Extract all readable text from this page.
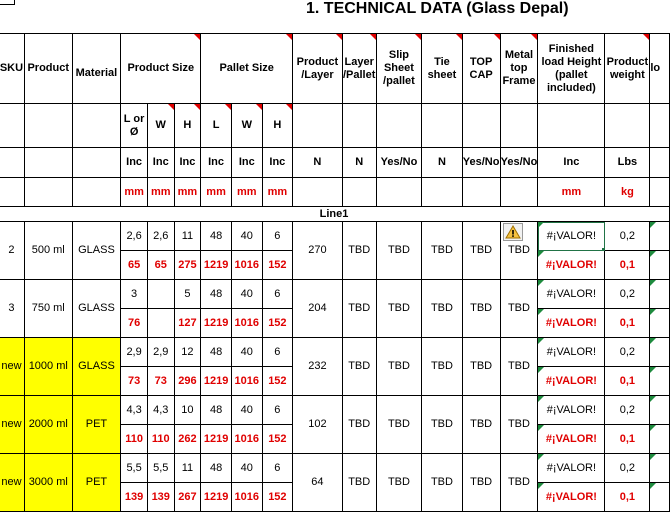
1. TECHNICAL DATA (Glass Depal)
SKU	Product	Material	Product Size			Pallet Size			Product /Layer	Layer /Pallet	Slip Sheet /pallet	Tie sheet	TOP CAP	Metal top Frame	Finished load Height (pallet included)	Product weight	lo

			L or Ø	W	H	L	W	H

			Inc	Inc	Inc	Inc	Inc	Inc	N	N	Yes/No	N	Yes/No	Yes/No	Inc	Lbs	
			mm	mm	mm	mm	mm	mm							mm	kg	
Line1																	
2	500 ml	GLASS	2,6	2,6	11	48	40	6	270	TBD	TBD	TBD	TBD	TBD	#¡VALOR!	0,2	

			65	65	275	1219	1016	152							#¡VALOR!	0,1	

3	750 ml	GLASS	3		5	48	40	6	204	TBD	TBD	TBD	TBD	TBD	#¡VALOR!	0,2	

			76		127	1219	1016	152							#¡VALOR!	0,1	

new	1000 ml	GLASS	2,9	2,9	12	48	40	6	232	TBD	TBD	TBD	TBD	TBD	#¡VALOR!	0,2	

			73	73	296	1219	1016	152							#¡VALOR!	0,1	

new	2000 ml	PET	4,3	4,3	10	48	40	6	102	TBD	TBD	TBD	TBD	TBD	#¡VALOR!	0,2	

			110	110	262	1219	1016	152							#¡VALOR!	0,1	

new	3000 ml	PET	5,5	5,5	11	48	40	6	64	TBD	TBD	TBD	TBD	TBD	#¡VALOR!	0,2	

			139	139	267	1219	1016	152							#¡VALOR!	0,1	
